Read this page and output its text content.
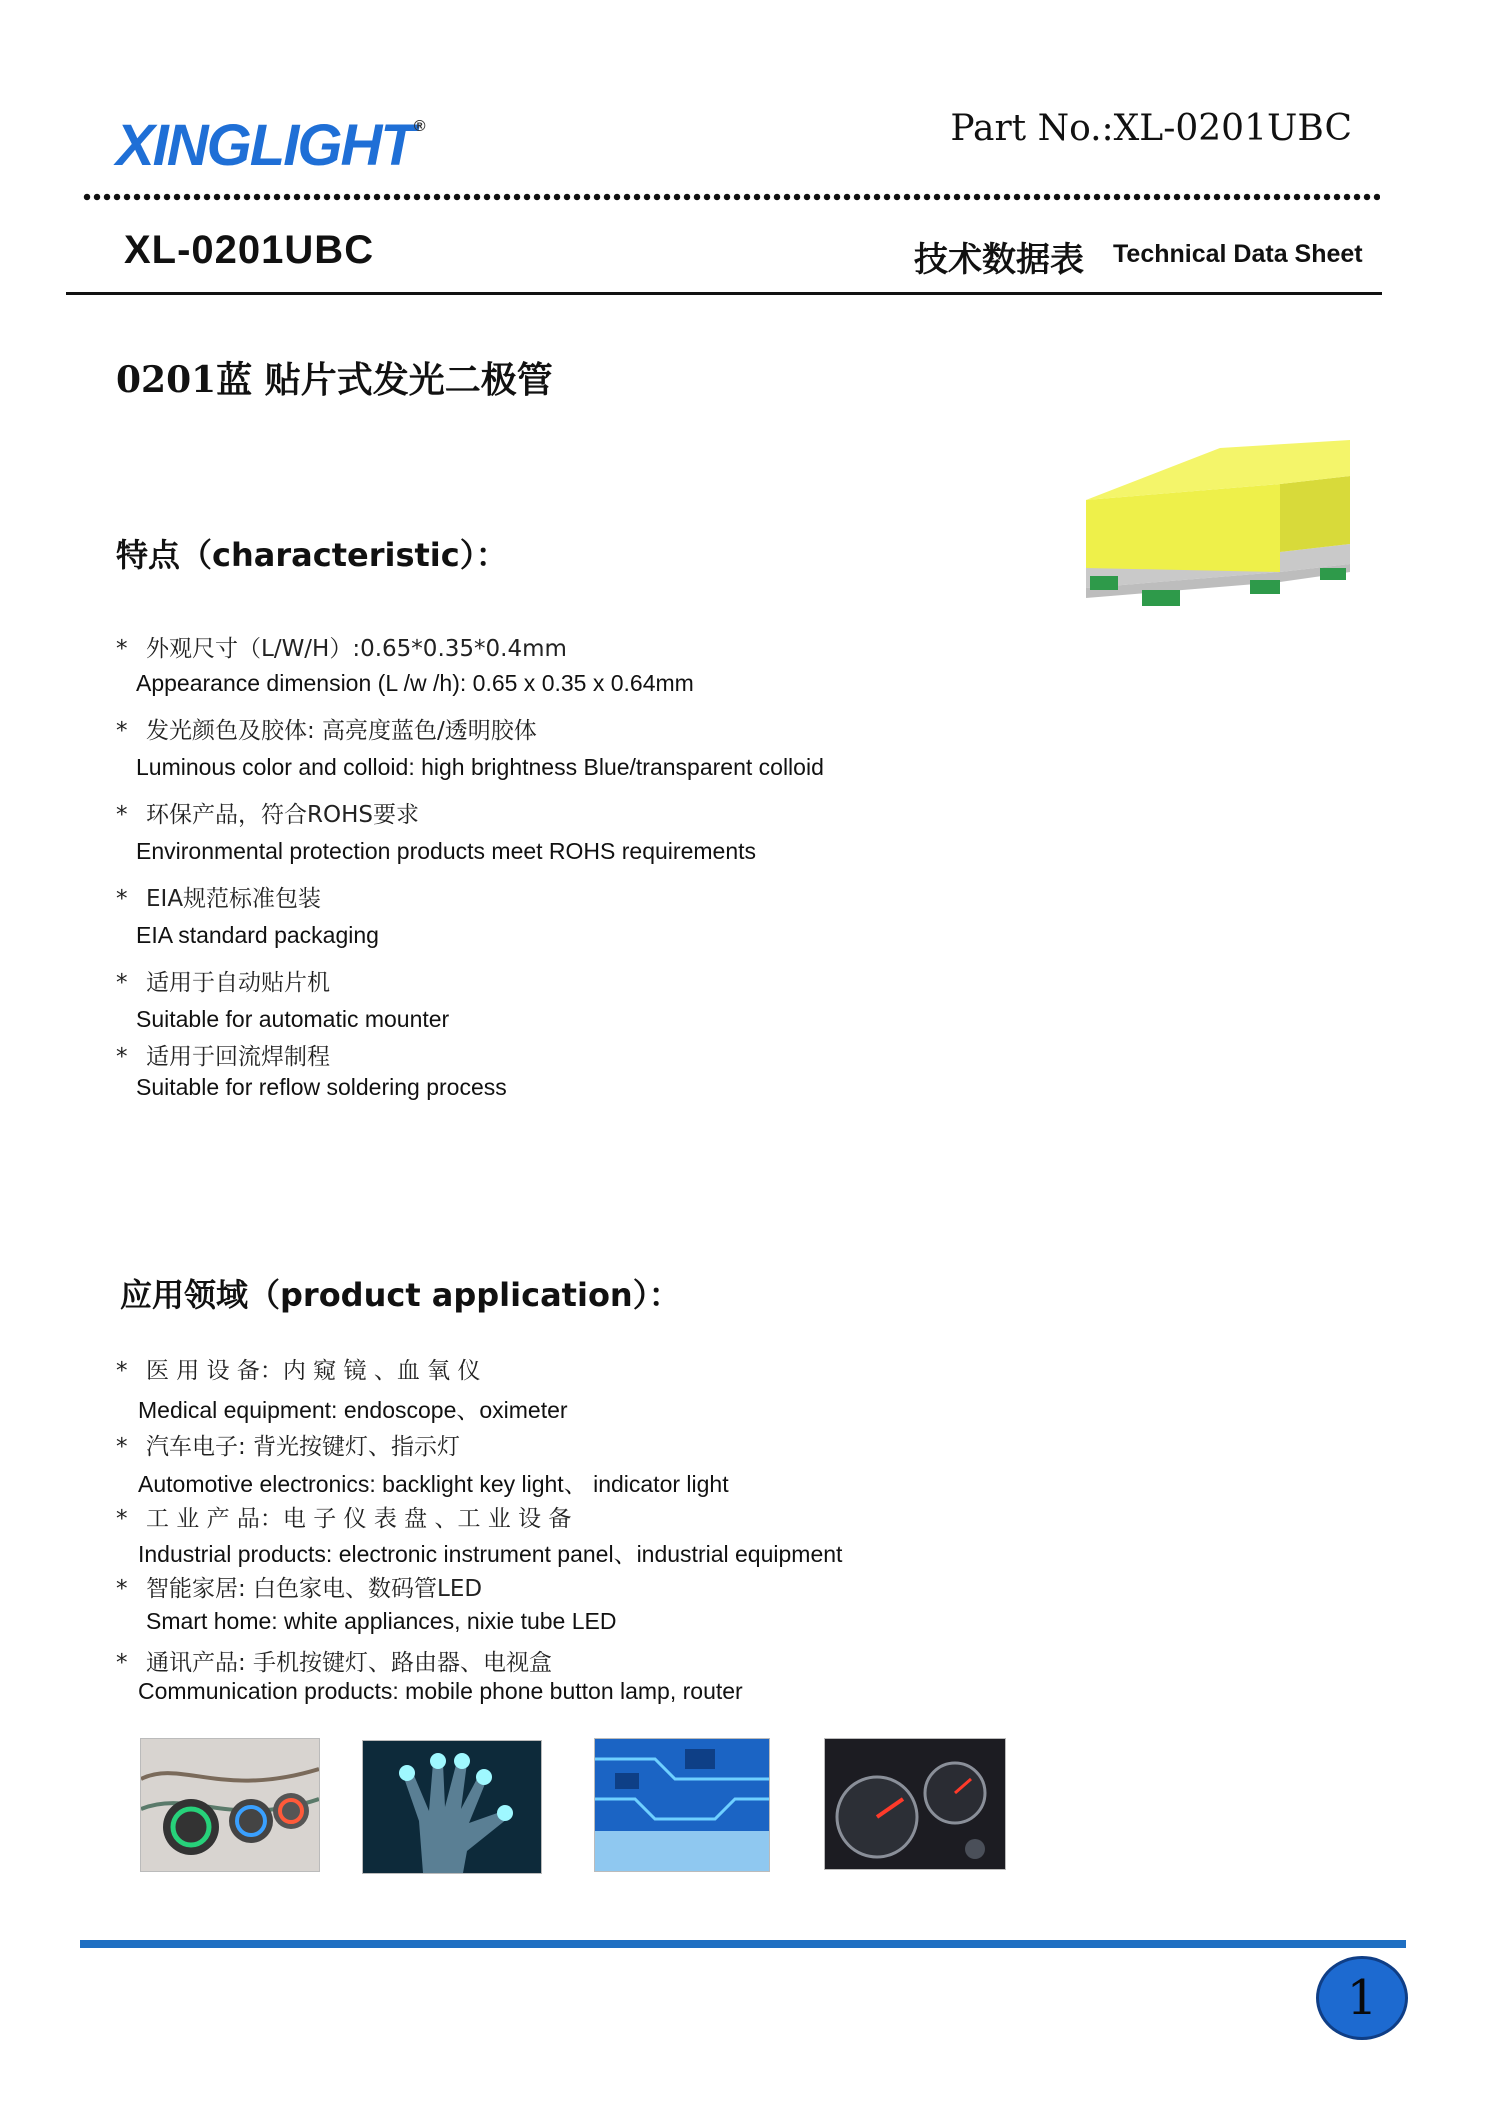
XINGLIGHT®	Part No.:XL-0201UBC
XL-0201UBC	技术数据表 Technical Data Sheet
0201蓝 贴片式发光二极管
特点（characteristic）：
* 外观尺寸（L/W/H）:0.65*0.35*0.4mm
Appearance dimension (L /w /h): 0.65 x 0.35 x 0.64mm
* 发光颜色及胶体: 高亮度蓝色/透明胶体
Luminous color and colloid: high brightness Blue/transparent colloid
* 环保产品，符合ROHS要求
Environmental protection products meet ROHS requirements
* EIA规范标准包装
EIA standard packaging
* 适用于自动贴片机
Suitable for automatic mounter
* 适用于回流焊制程
Suitable for reflow soldering process
应用领域（product application）：
* 医 用 设 备：内 窥 镜 、血 氧 仪
Medical equipment: endoscope、oximeter
* 汽车电子: 背光按键灯、指示灯
Automotive electronics: backlight key light、 indicator light
* 工 业 产 品：电 子 仪 表 盘 、工 业 设 备
Industrial products: electronic instrument panel、industrial equipment
* 智能家居: 白色家电、数码管LED
Smart home: white appliances, nixie tube LED
* 通讯产品: 手机按键灯、路由器、电视盒
Communication products: mobile phone button lamp, router
1
